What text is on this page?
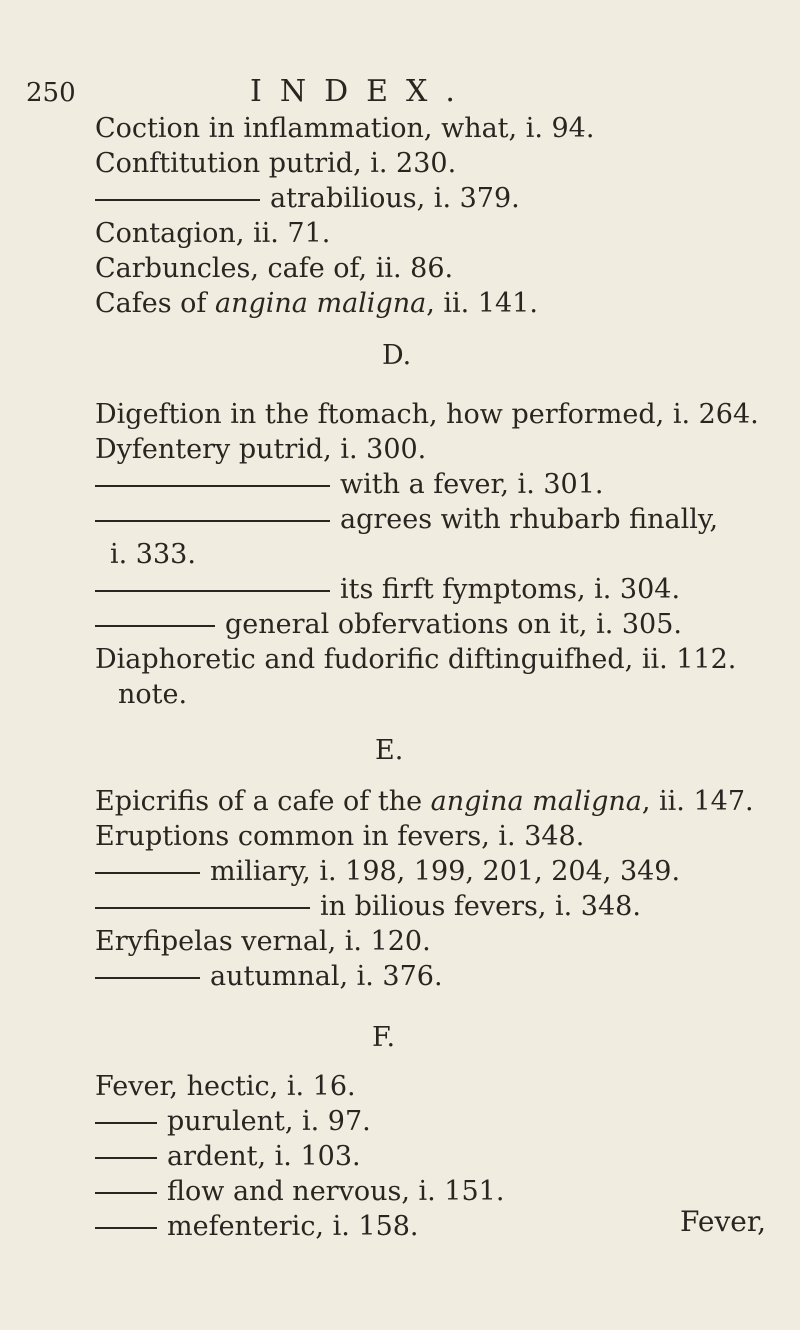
250	INDEX.
Coction in inflammation, what, i. 94.
Conftitution putrid, i. 230.
atrabilious, i. 379.
Contagion, ii. 71.
Carbuncles, cafe of, ii. 86.
Cafes of angina maligna, ii. 141.
D.
Digeftion in the ftomach, how performed, i. 264.
Dyfentery putrid, i. 300.
with a fever, i. 301.
agrees with rhubarb finally,
i. 333.
its firft fymptoms, i. 304.
general obfervations on it, i. 305.
Diaphoretic and fudorific diftinguifhed, ii. 112.
note.
E.
Epicrifis of a cafe of the angina maligna, ii. 147.
Eruptions common in fevers, i. 348.
miliary, i. 198, 199, 201, 204, 349.
in bilious fevers, i. 348.
Eryfipelas vernal, i. 120.
autumnal, i. 376.
F.
Fever, hectic, i. 16.
purulent, i. 97.
ardent, i. 103.
flow and nervous, i. 151.
mefenteric, i. 158.	Fever,
